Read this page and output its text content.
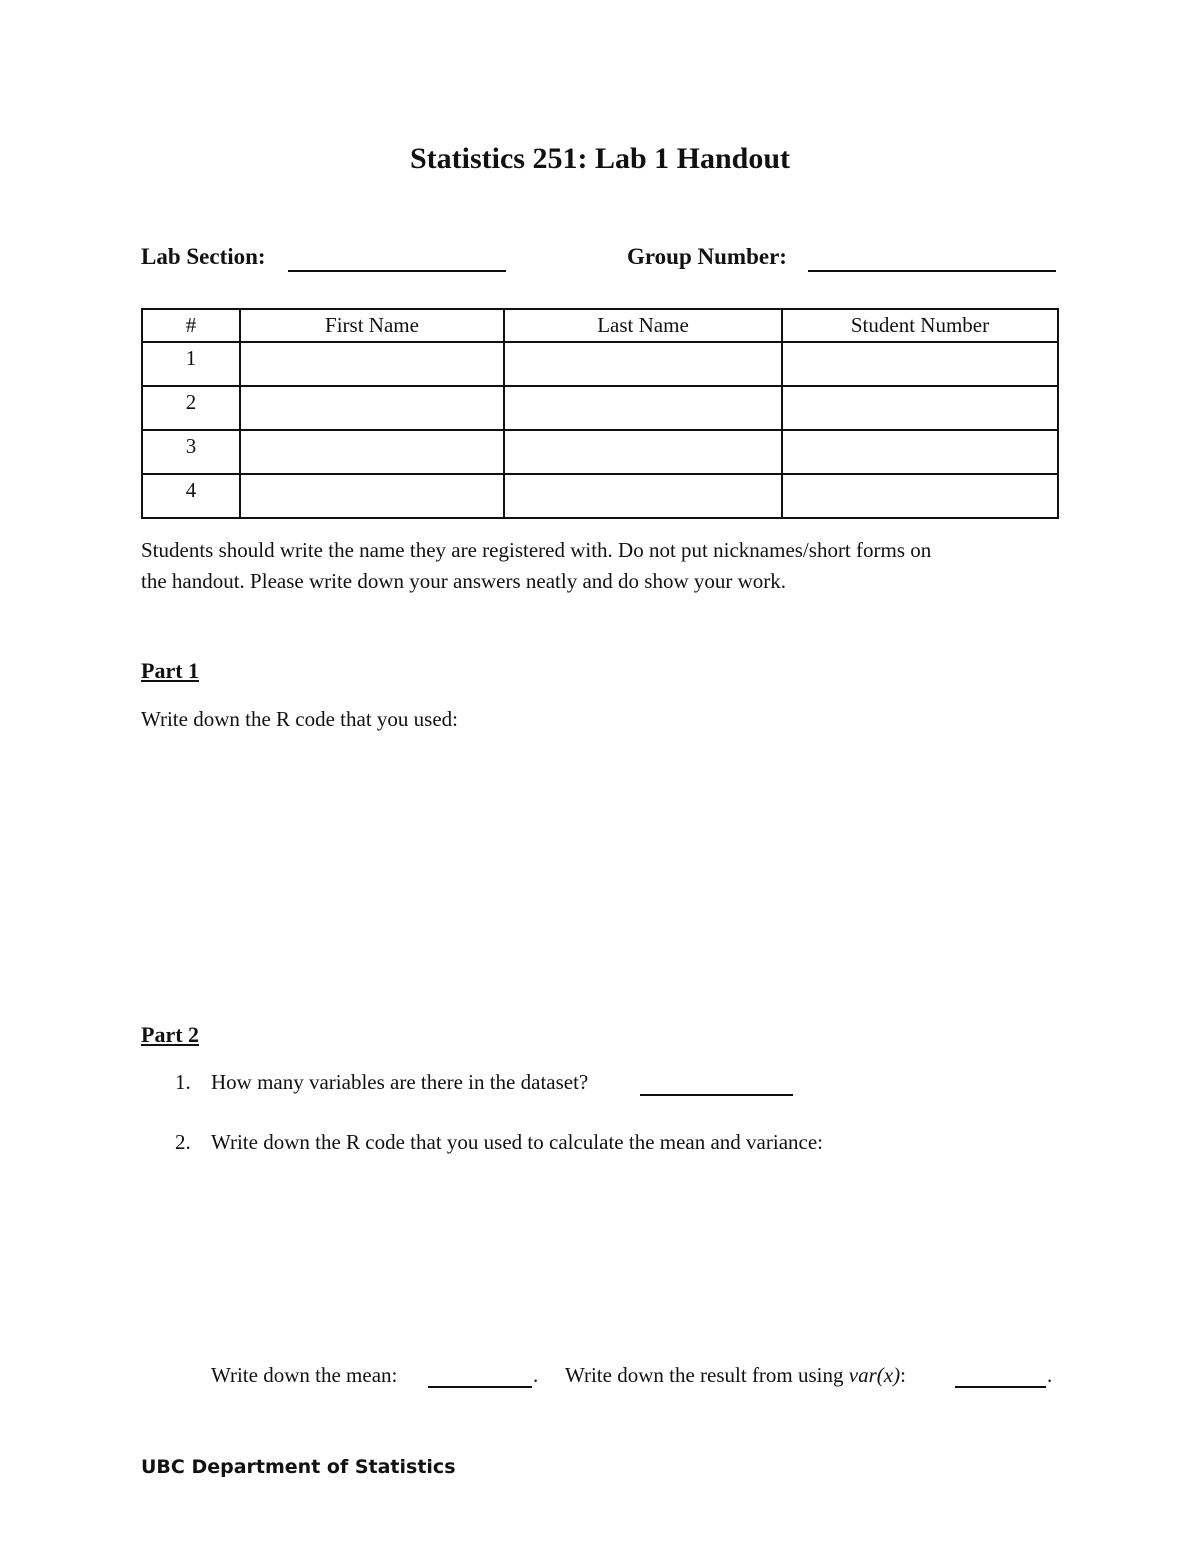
Statistics 251: Lab 1 Handout
Lab Section:	Group Number:
#	First Name	Last Name	Student Number
1			
2			
3			
4			
Students should write the name they are registered with. Do not put nicknames/short forms on
the handout. Please write down your answers neatly and do show your work.
Part 1
Write down the R code that you used:
Part 2
1. How many variables are there in the dataset?
2. Write down the R code that you used to calculate the mean and variance:
Write down the mean:	. Write down the result from using var(x):	.
UBC Department of Statistics
